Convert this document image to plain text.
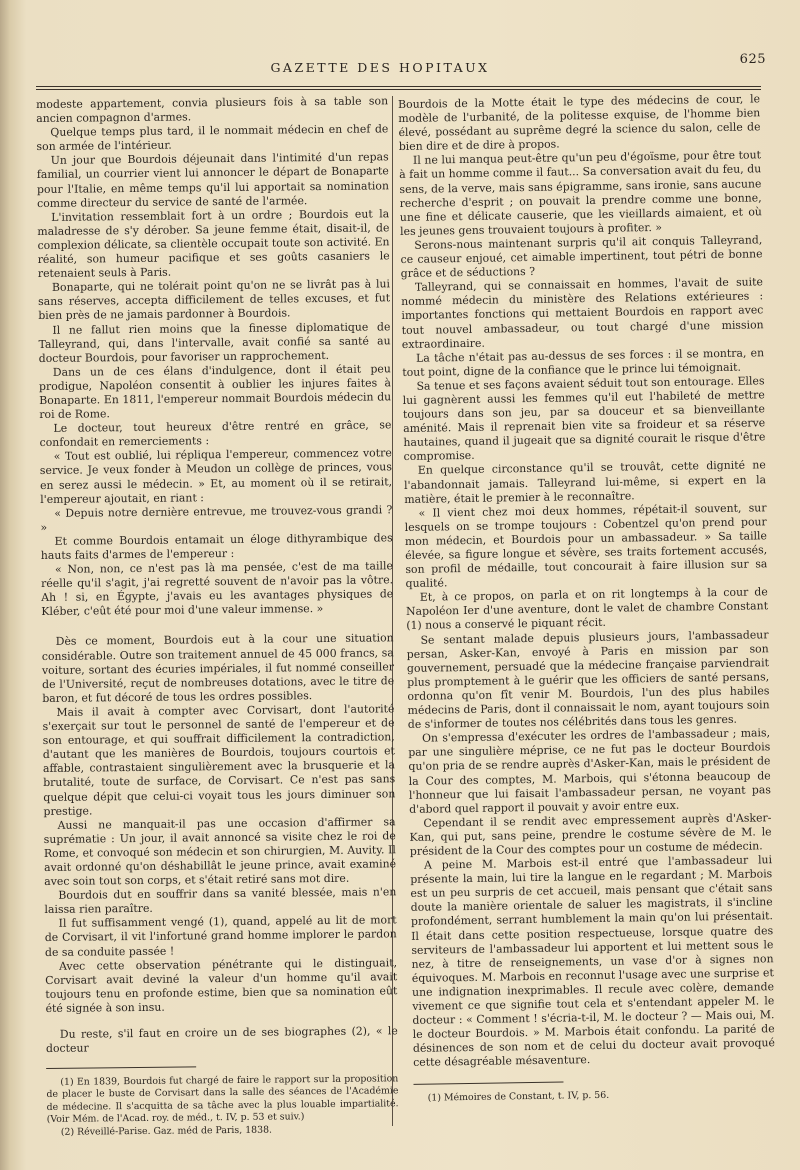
625
GAZETTE DES HOPITAUX

modeste appartement, convia plusieurs fois à sa table son ancien compagnon d'armes.

Quelque temps plus tard, il le nommait médecin en chef de son armée de l'intérieur.

Un jour que Bourdois déjeunait dans l'intimité d'un repas familial, un courrier vient lui annoncer le départ de Bonaparte pour l'Italie, en même temps qu'il lui apportait sa nomination comme directeur du service de santé de l'armée.

L'invitation ressemblait fort à un ordre ; Bourdois eut la maladresse de s'y dérober. Sa jeune femme était, disait-il, de complexion délicate, sa clientèle occupait toute son activité. En réalité, son humeur pacifique et ses goûts casaniers le retenaient seuls à Paris.

Bonaparte, qui ne tolérait point qu'on ne se livrât pas à lui sans réserves, accepta difficilement de telles excuses, et fut bien près de ne jamais pardonner à Bourdois.

Il ne fallut rien moins que la finesse diplomatique de Talleyrand, qui, dans l'intervalle, avait confié sa santé au docteur Bourdois, pour favoriser un rapprochement.

Dans un de ces élans d'indulgence, dont il était peu prodigue, Napoléon consentit à oublier les injures faites à Bonaparte. En 1811, l'empereur nommait Bourdois médecin du roi de Rome.

Le docteur, tout heureux d'être rentré en grâce, se confondait en remerciements :

« Tout est oublié, lui répliqua l'empereur, commencez votre service. Je veux fonder à Meudon un collège de princes, vous en serez aussi le médecin. » Et, au moment où il se retirait, l'empereur ajoutait, en riant :

« Depuis notre dernière entrevue, me trouvez-vous grandi ? »

Et comme Bourdois entamait un éloge dithyrambique des hauts faits d'armes de l'empereur :

« Non, non, ce n'est pas là ma pensée, c'est de ma taille réelle qu'il s'agit, j'ai regretté souvent de n'avoir pas la vôtre. Ah ! si, en Égypte, j'avais eu les avantages physiques de Kléber, c'eût été pour moi d'une valeur immense. »

Dès ce moment, Bourdois eut à la cour une situation considérable. Outre son traitement annuel de 45 000 francs, sa voiture, sortant des écuries impériales, il fut nommé conseiller de l'Université, reçut de nombreuses dotations, avec le titre de baron, et fut décoré de tous les ordres possibles.

Mais il avait à compter avec Corvisart, dont l'autorité s'exerçait sur tout le personnel de santé de l'empereur et de son entourage, et qui souffrait difficilement la contradiction, d'autant que les manières de Bourdois, toujours courtois et affable, contrastaient singulièrement avec la brusquerie et la brutalité, toute de surface, de Corvisart. Ce n'est pas sans quelque dépit que celui-ci voyait tous les jours diminuer son prestige.

Aussi ne manquait-il pas une occasion d'affirmer sa suprématie : Un jour, il avait annoncé sa visite chez le roi de Rome, et convoqué son médecin et son chirurgien, M. Auvity. Il avait ordonné qu'on déshabillât le jeune prince, avait examiné avec soin tout son corps, et s'était retiré sans mot dire.

Bourdois dut en souffrir dans sa vanité blessée, mais n'en laissa rien paraître.

Il fut suffisamment vengé (1), quand, appelé au lit de mort de Corvisart, il vit l'infortuné grand homme implorer le pardon de sa conduite passée !

Avec cette observation pénétrante qui le distinguait, Corvisart avait deviné la valeur d'un homme qu'il avait toujours tenu en profonde estime, bien que sa nomination eût été signée à son insu.

Du reste, s'il faut en croire un de ses biographes (2), « le docteur

(1) En 1839, Bourdois fut chargé de faire le rapport sur la proposition de placer le buste de Corvisart dans la salle des séances de l'Académie de médecine. Il s'acquitta de sa tâche avec la plus louable impartialité. (Voir Mém. de l'Acad. roy. de méd., t. IV, p. 53 et suiv.)

(2) Réveillé-Parise. Gaz. méd de Paris, 1838.

Bourdois de la Motte était le type des médecins de cour, le modèle de l'urbanité, de la politesse exquise, de l'homme bien élevé, possédant au suprême degré la science du salon, celle de bien dire et de dire à propos.

Il ne lui manqua peut-être qu'un peu d'égoïsme, pour être tout à fait un homme comme il faut... Sa conversation avait du feu, du sens, de la verve, mais sans épigramme, sans ironie, sans aucune recherche d'esprit ; on pouvait la prendre comme une bonne, une fine et délicate causerie, que les vieillards aimaient, et où les jeunes gens trouvaient toujours à profiter. »

Serons-nous maintenant surpris qu'il ait conquis Talleyrand, ce causeur enjoué, cet aimable impertinent, tout pétri de bonne grâce et de séductions ?

Talleyrand, qui se connaissait en hommes, l'avait de suite nommé médecin du ministère des Relations extérieures : importantes fonctions qui mettaient Bourdois en rapport avec tout nouvel ambassadeur, ou tout chargé d'une mission extraordinaire.

La tâche n'était pas au-dessus de ses forces : il se montra, en tout point, digne de la confiance que le prince lui témoignait.

Sa tenue et ses façons avaient séduit tout son entourage. Elles lui gagnèrent aussi les femmes qu'il eut l'habileté de mettre toujours dans son jeu, par sa douceur et sa bienveillante aménité. Mais il reprenait bien vite sa froideur et sa réserve hautaines, quand il jugeait que sa dignité courait le risque d'être compromise.

En quelque circonstance qu'il se trouvât, cette dignité ne l'abandonnait jamais. Talleyrand lui-même, si expert en la matière, était le premier à le reconnaître.

« Il vient chez moi deux hommes, répétait-il souvent, sur lesquels on se trompe toujours : Cobentzel qu'on prend pour mon médecin, et Bourdois pour un ambassadeur. » Sa taille élevée, sa figure longue et sévère, ses traits fortement accusés, son profil de médaille, tout concourait à faire illusion sur sa qualité.

Et, à ce propos, on parla et on rit longtemps à la cour de Napoléon Ier d'une aventure, dont le valet de chambre Constant (1) nous a conservé le piquant récit.

Se sentant malade depuis plusieurs jours, l'ambassadeur persan, Asker-Kan, envoyé à Paris en mission par son gouvernement, persuadé que la médecine française parviendrait plus promptement à le guérir que les officiers de santé persans, ordonna qu'on fît venir M. Bourdois, l'un des plus habiles médecins de Paris, dont il connaissait le nom, ayant toujours soin de s'informer de toutes nos célébrités dans tous les genres.

On s'empressa d'exécuter les ordres de l'ambassadeur ; mais, par une singulière méprise, ce ne fut pas le docteur Bourdois qu'on pria de se rendre auprès d'Asker-Kan, mais le président de la Cour des comptes, M. Marbois, qui s'étonna beaucoup de l'honneur que lui faisait l'ambassadeur persan, ne voyant pas d'abord quel rapport il pouvait y avoir entre eux.

Cependant il se rendit avec empressement auprès d'Asker-Kan, qui put, sans peine, prendre le costume sévère de M. le président de la Cour des comptes pour un costume de médecin.

A peine M. Marbois est-il entré que l'ambassadeur lui présente la main, lui tire la langue en le regardant ; M. Marbois est un peu surpris de cet accueil, mais pensant que c'était sans doute la manière orientale de saluer les magistrats, il s'incline profondément, serrant humblement la main qu'on lui présentait. Il était dans cette position respectueuse, lorsque quatre des serviteurs de l'ambassadeur lui apportent et lui mettent sous le nez, à titre de renseignements, un vase d'or à signes non équivoques. M. Marbois en reconnut l'usage avec une surprise et une indignation inexprimables. Il recule avec colère, demande vivement ce que signifie tout cela et s'entendant appeler M. le docteur : « Comment ! s'écria-t-il, M. le docteur ? — Mais oui, M. le docteur Bourdois. » M. Marbois était confondu. La parité de désinences de son nom et de celui du docteur avait provoqué cette désagréable mésaventure.

(1) Mémoires de Constant, t. IV, p. 56.
